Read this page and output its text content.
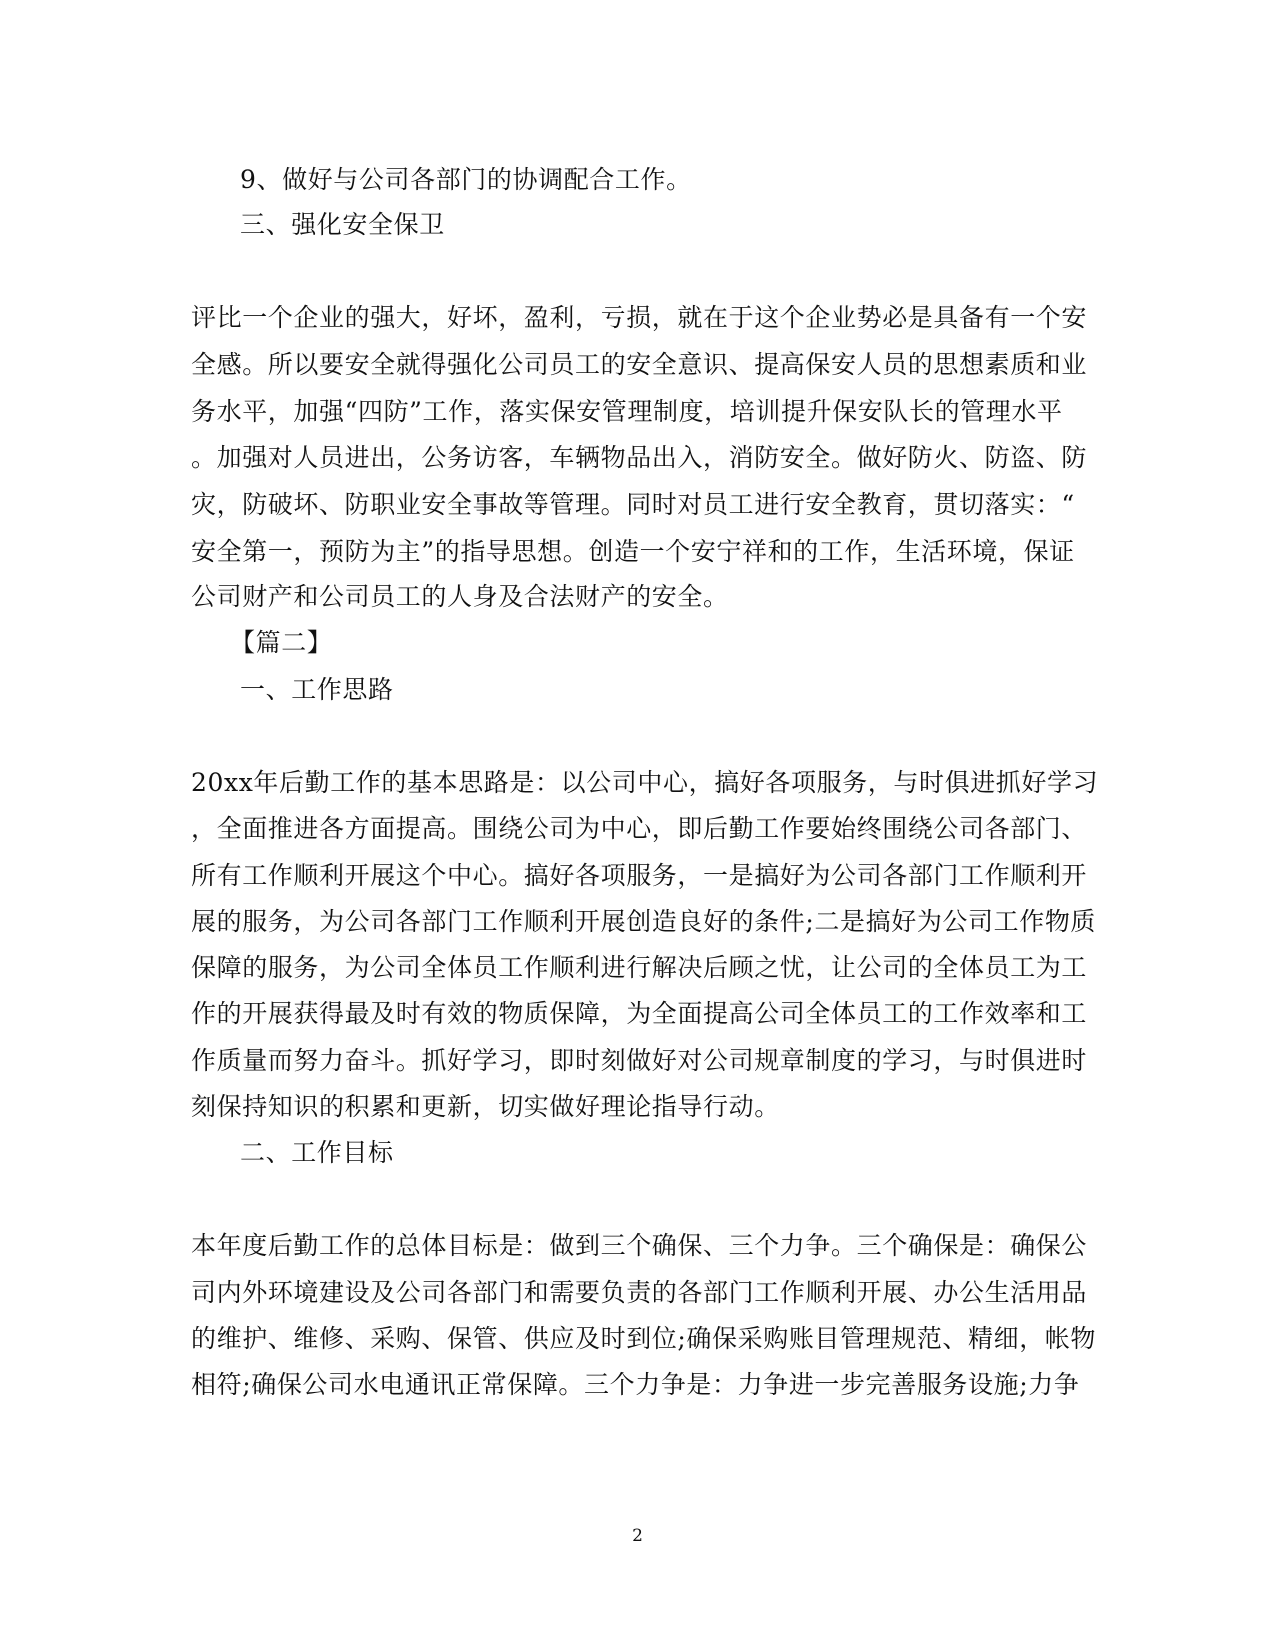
9、做好与公司各部门的协调配合工作。
三、强化安全保卫
评比一个企业的强大，好坏，盈利，亏损，就在于这个企业势必是具备有一个安
全感。所以要安全就得强化公司员工的安全意识、提高保安人员的思想素质和业
务水平，加强“四防”工作，落实保安管理制度，培训提升保安队长的管理水平
。加强对人员进出，公务访客，车辆物品出入，消防安全。做好防火、防盗、防
灾，防破坏、防职业安全事故等管理。同时对员工进行安全教育，贯切落实：“
安全第一，预防为主”的指导思想。创造一个安宁祥和的工作，生活环境，保证
公司财产和公司员工的人身及合法财产的安全。
【篇二】
一、工作思路
20xx年后勤工作的基本思路是：以公司中心，搞好各项服务，与时俱进抓好学习
，全面推进各方面提高。围绕公司为中心，即后勤工作要始终围绕公司各部门、
所有工作顺利开展这个中心。搞好各项服务，一是搞好为公司各部门工作顺利开
展的服务，为公司各部门工作顺利开展创造良好的条件;二是搞好为公司工作物质
保障的服务，为公司全体员工作顺利进行解决后顾之忧，让公司的全体员工为工
作的开展获得最及时有效的物质保障，为全面提高公司全体员工的工作效率和工
作质量而努力奋斗。抓好学习，即时刻做好对公司规章制度的学习，与时俱进时
刻保持知识的积累和更新，切实做好理论指导行动。
二、工作目标
本年度后勤工作的总体目标是：做到三个确保、三个力争。三个确保是：确保公
司内外环境建设及公司各部门和需要负责的各部门工作顺利开展、办公生活用品
的维护、维修、采购、保管、供应及时到位;确保采购账目管理规范、精细，帐物
相符;确保公司水电通讯正常保障。三个力争是：力争进一步完善服务设施;力争
2
